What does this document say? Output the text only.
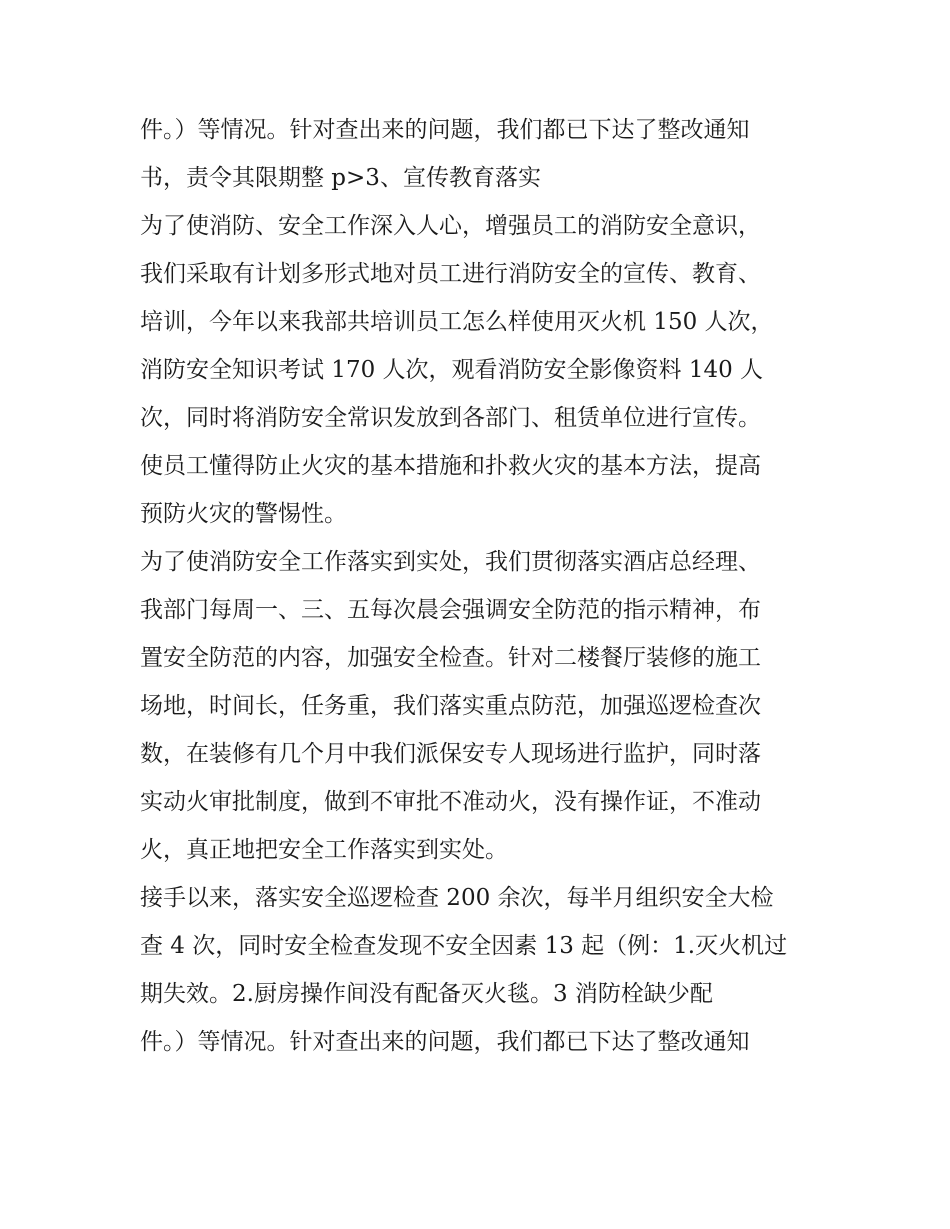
件。）等情况。针对查出来的问题，我们都已下达了整改通知

书，责令其限期整 p>3、宣传教育落实

为了使消防、安全工作深入人心，增强员工的消防安全意识，

我们采取有计划多形式地对员工进行消防安全的宣传、教育、

培训，今年以来我部共培训员工怎么样使用灭火机 150 人次，

消防安全知识考试 170 人次，观看消防安全影像资料 140 人

次，同时将消防安全常识发放到各部门、租赁单位进行宣传。

使员工懂得防止火灾的基本措施和扑救火灾的基本方法，提高

预防火灾的警惕性。

为了使消防安全工作落实到实处，我们贯彻落实酒店总经理、

我部门每周一、三、五每次晨会强调安全防范的指示精神，布

置安全防范的内容，加强安全检查。针对二楼餐厅装修的施工

场地，时间长，任务重，我们落实重点防范，加强巡逻检查次

数，在装修有几个月中我们派保安专人现场进行监护，同时落

实动火审批制度，做到不审批不准动火，没有操作证，不准动

火，真正地把安全工作落实到实处。

接手以来，落实安全巡逻检查 200 余次，每半月组织安全大检

查 4 次，同时安全检查发现不安全因素 13 起（例：1.灭火机过

期失效。2.厨房操作间没有配备灭火毯。3 消防栓缺少配

件。）等情况。针对查出来的问题，我们都已下达了整改通知
